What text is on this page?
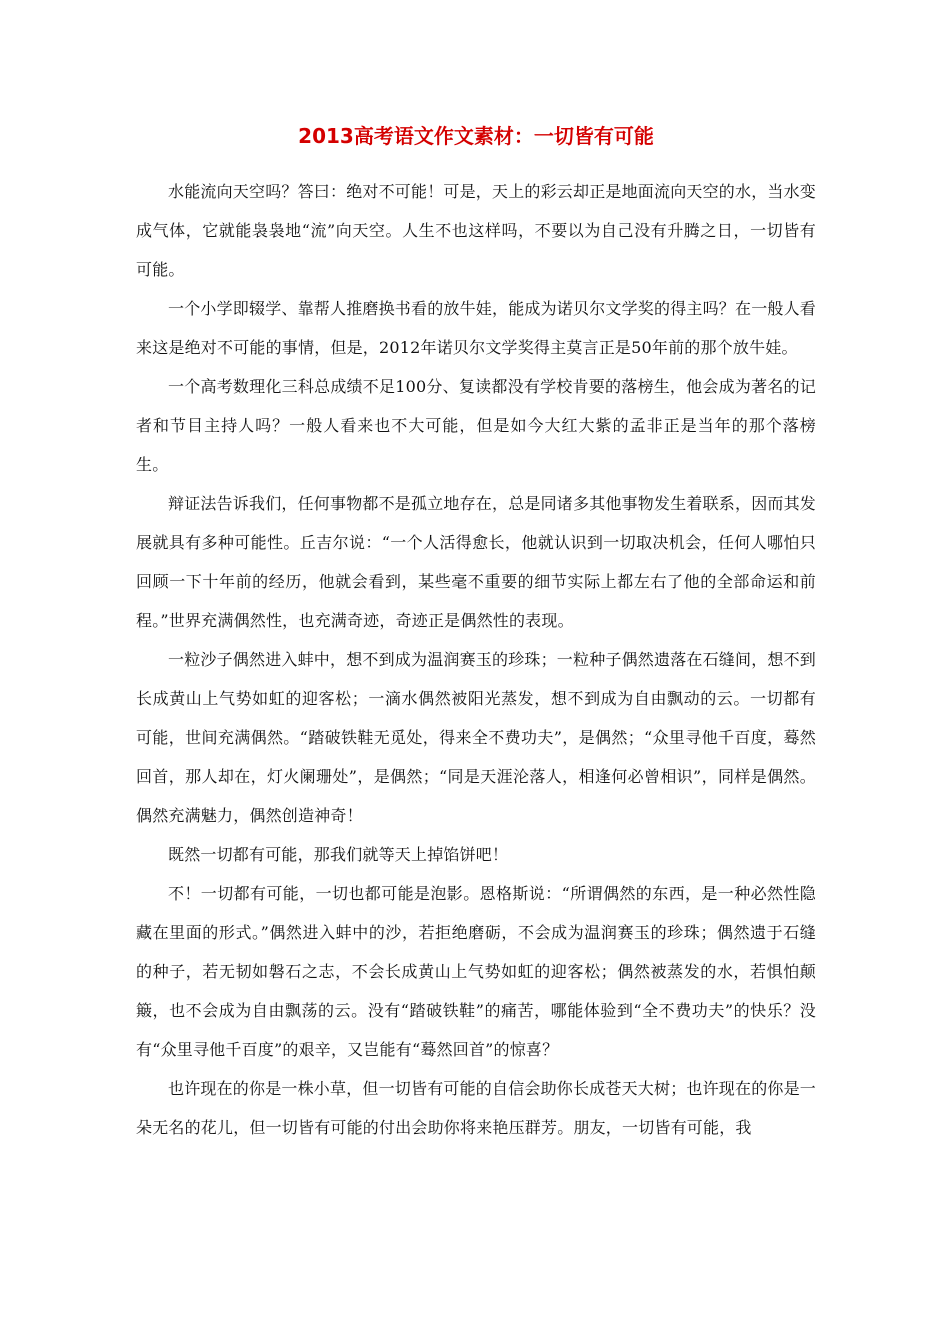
2013高考语文作文素材：一切皆有可能

水能流向天空吗？答曰：绝对不可能！可是，天上的彩云却正是地面流向天空的水，当水变成气体，它就能袅袅地“流”向天空。人生不也这样吗，不要以为自己没有升腾之日，一切皆有可能。

一个小学即辍学、靠帮人推磨换书看的放牛娃，能成为诺贝尔文学奖的得主吗？在一般人看来这是绝对不可能的事情，但是，2012年诺贝尔文学奖得主莫言正是50年前的那个放牛娃。

一个高考数理化三科总成绩不足100分、复读都没有学校肯要的落榜生，他会成为著名的记者和节目主持人吗？一般人看来也不大可能，但是如今大红大紫的孟非正是当年的那个落榜生。

辩证法告诉我们，任何事物都不是孤立地存在，总是同诸多其他事物发生着联系，因而其发展就具有多种可能性。丘吉尔说：“一个人活得愈长，他就认识到一切取决机会，任何人哪怕只回顾一下十年前的经历，他就会看到，某些毫不重要的细节实际上都左右了他的全部命运和前程。”世界充满偶然性，也充满奇迹，奇迹正是偶然性的表现。

一粒沙子偶然进入蚌中，想不到成为温润赛玉的珍珠；一粒种子偶然遗落在石缝间，想不到长成黄山上气势如虹的迎客松；一滴水偶然被阳光蒸发，想不到成为自由飘动的云。一切都有可能，世间充满偶然。“踏破铁鞋无觅处，得来全不费功夫”，是偶然；“众里寻他千百度，蓦然回首，那人却在，灯火阑珊处”，是偶然；“同是天涯沦落人，相逢何必曾相识”，同样是偶然。偶然充满魅力，偶然创造神奇！

既然一切都有可能，那我们就等天上掉馅饼吧！

不！一切都有可能，一切也都可能是泡影。恩格斯说：“所谓偶然的东西，是一种必然性隐藏在里面的形式。”偶然进入蚌中的沙，若拒绝磨砺，不会成为温润赛玉的珍珠；偶然遗于石缝的种子，若无韧如磐石之志，不会长成黄山上气势如虹的迎客松；偶然被蒸发的水，若惧怕颠簸，也不会成为自由飘荡的云。没有“踏破铁鞋”的痛苦，哪能体验到“全不费功夫”的快乐？没有“众里寻他千百度”的艰辛，又岂能有“蓦然回首”的惊喜？

也许现在的你是一株小草，但一切皆有可能的自信会助你长成苍天大树；也许现在的你是一朵无名的花儿，但一切皆有可能的付出会助你将来艳压群芳。朋友，一切皆有可能，我
